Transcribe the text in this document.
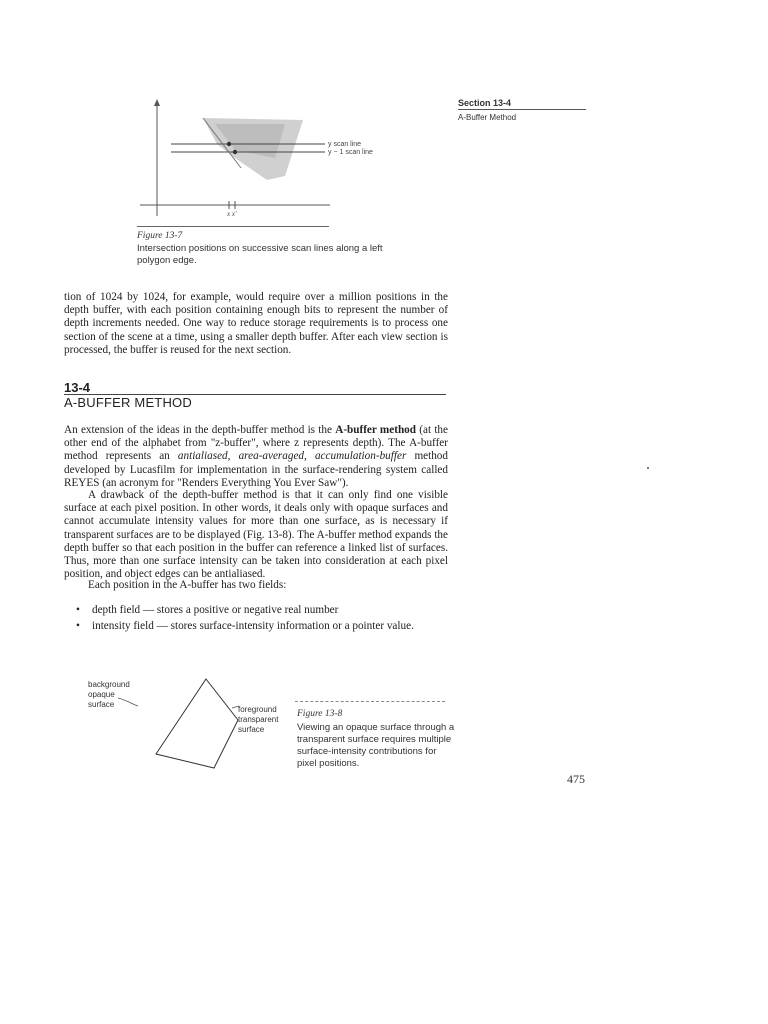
Section 13-4
A-Buffer Method
x x′
y scan line
y − 1 scan line
Figure 13-7
Intersection positions on successive scan lines along a left polygon edge.
tion of 1024 by 1024, for example, would require over a million positions in the depth buffer, with each position containing enough bits to represent the number of depth increments needed. One way to reduce storage requirements is to process one section of the scene at a time, using a smaller depth buffer. After each view section is processed, the buffer is reused for the next section.
13-4
A-BUFFER METHOD
An extension of the ideas in the depth-buffer method is the A-buffer method (at the other end of the alphabet from "z-buffer", where z represents depth). The A-buffer method represents an antialiased, area-averaged, accumulation-buffer method developed by Lucasfilm for implementation in the surface-rendering system called REYES (an acronym for "Renders Everything You Ever Saw").
A drawback of the depth-buffer method is that it can only find one visible surface at each pixel position. In other words, it deals only with opaque surfaces and cannot accumulate intensity values for more than one surface, as is necessary if transparent surfaces are to be displayed (Fig. 13-8). The A-buffer method expands the depth buffer so that each position in the buffer can reference a linked list of surfaces. Thus, more than one surface intensity can be taken into consideration at each pixel position, and object edges can be antialiased.
Each position in the A-buffer has two fields:
• depth field — stores a positive or negative real number
• intensity field — stores surface-intensity information or a pointer value.
background
opaque
surface
foreground
transparent
surface
Figure 13-8
Viewing an opaque surface through a transparent surface requires multiple surface-intensity contributions for pixel positions.
475
